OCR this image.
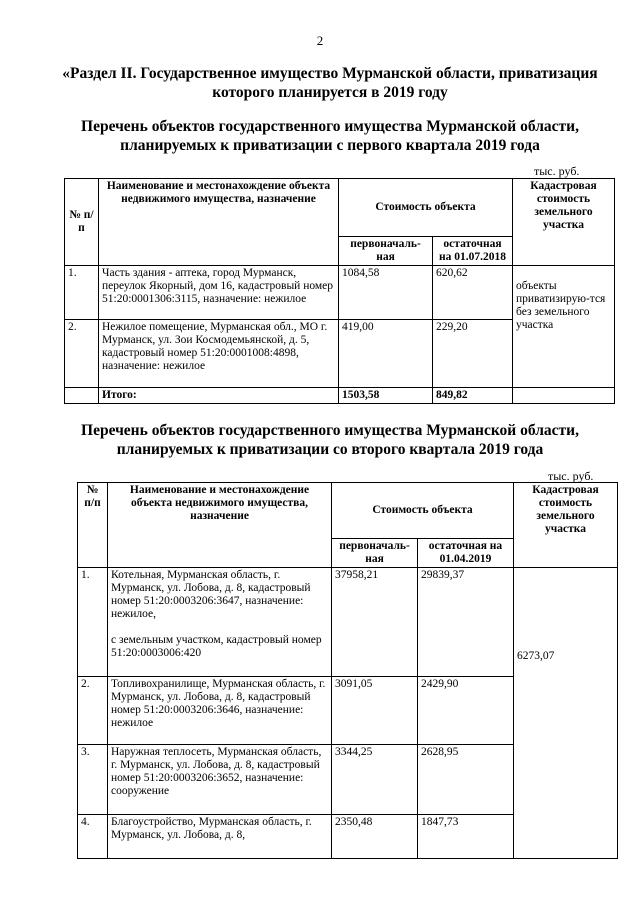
2
«Раздел II. Государственное имущество Мурманской области, приватизация которого планируется в 2019 году
Перечень объектов государственного имущества Мурманской области, планируемых к приватизации с первого квартала 2019 года
тыс. руб.
№ п/п	Наименование и местонахождение объекта недвижимого имущества, назначение	Стоимость объекта		Кадастровая стоимость земельного участка
		первоначаль-ная	остаточная на 01.07.2018	
1.	Часть здания - аптека, город Мурманск, переулок Якорный, дом 16, кадастровый номер 51:20:0001306:3115, назначение: нежилое	1084,58	620,62	объекты приватизирую-тся без земельного участка
2.	Нежилое помещение, Мурманская обл., МО г. Мурманск, ул. Зои Космодемьянской, д. 5, кадастровый номер 51:20:0001008:4898, назначение: нежилое	419,00	229,20	
	Итого:	1503,58	849,82	
Перечень объектов государственного имущества Мурманской области, планируемых к приватизации со второго квартала 2019 года
тыс. руб.
№ п/п	Наименование и местонахождение объекта недвижимого имущества, назначение	Стоимость объекта		Кадастровая стоимость земельного участка
		первоначаль-ная	остаточная на 01.04.2019	
1.	Котельная, Мурманская область, г. Мурманск, ул. Лобова, д. 8, кадастровый номер 51:20:0003206:3647, назначение: нежилое,
с земельным участком, кадастровый номер 51:20:0003006:420	37958,21	29839,37	6273,07
2.	Топливохранилище, Мурманская область, г. Мурманск, ул. Лобова, д. 8, кадастровый номер 51:20:0003206:3646, назначение: нежилое	3091,05	2429,90	
3.	Наружная теплосеть, Мурманская область, г. Мурманск, ул. Лобова, д. 8, кадастровый номер 51:20:0003206:3652, назначение: сооружение	3344,25	2628,95	
4.	Благоустройство, Мурманская область, г. Мурманск, ул. Лобова, д. 8,	2350,48	1847,73	
